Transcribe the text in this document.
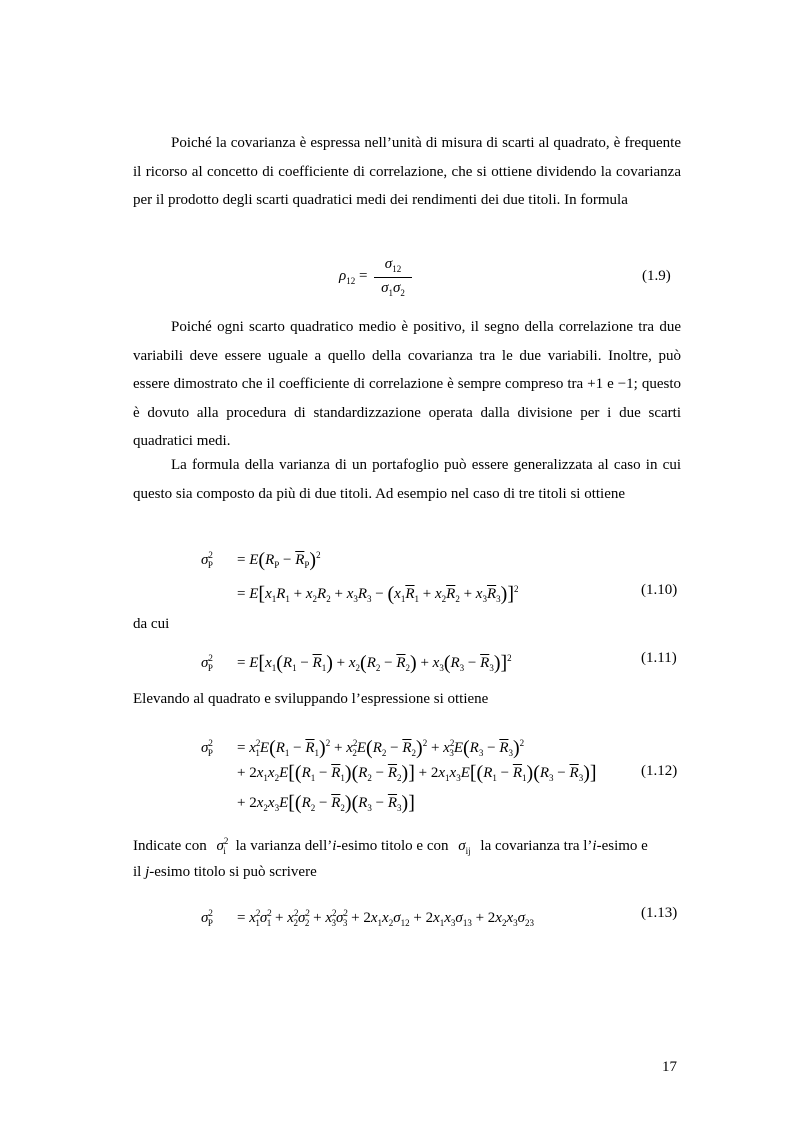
Poiché la covarianza è espressa nell’unità di misura di scarti al quadrato, è frequente il ricorso al concetto di coefficiente di correlazione, che si ottiene dividendo la covarianza per il prodotto degli scarti quadratici medi dei rendimenti dei due titoli. In formula

$\rho_{12} = \frac{\sigma_{12}}{\sigma_1\sigma_2}$	(1.9)

Poiché ogni scarto quadratico medio è positivo, il segno della correlazione tra due variabili deve essere uguale a quello della covarianza tra le due variabili. Inoltre, può essere dimostrato che il coefficiente di correlazione è sempre compreso tra +1 e −1; questo è dovuto alla procedura di standardizzazione operata dalla divisione per i due scarti quadratici medi.

La formula della varianza di un portafoglio può essere generalizzata al caso in cui questo sia composto da più di due titoli. Ad esempio nel caso di tre titoli si ottiene

$\sigma^2_P = E(R_P - \overline{R}_P)^2$
= $E[x_1R_1 + x_2R_2 + x_3R_3 - (x_1\overline{R}_1 + x_2\overline{R}_2 + x_3\overline{R}_3)]^2$	(1.10)
da cui
$\sigma^2_P = E[x_1(R_1 - \overline{R}_1) + x_2(R_2 - \overline{R}_2) + x_3(R_3 - \overline{R}_3)]^2$	(1.11)
Elevando al quadrato e sviluppando l’espressione si ottiene
$\sigma^2_P = x^2_1E(R_1 - \overline{R}_1)^2 + x^2_2E(R_2 - \overline{R}_2)^2 + x^2_3E(R_3 - \overline{R}_3)^2$
+ $2x_1x_2E[(R_1 - \overline{R}_1)(R_2 - \overline{R}_2)] + 2x_1x_3E[(R_1 - \overline{R}_1)(R_3 - \overline{R}_3)]$
+ $2x_2x_3E[(R_2 - \overline{R}_2)(R_3 - \overline{R}_3)]$
(1.12)
Indicate con $\sigma^2_i$ la varianza dell’i-esimo titolo e con $\sigma_{ij}$ la covarianza tra l’i-esimo e
il j-esimo titolo si può scrivere
$\sigma^2_P = x^2_1\sigma^2_1 + x^2_2\sigma^2_2 + x^2_3\sigma^2_3 + 2x_1x_2\sigma_{12} + 2x_1x_3\sigma_{13} + 2x_2x_3\sigma_{23}$
(1.13)
17
